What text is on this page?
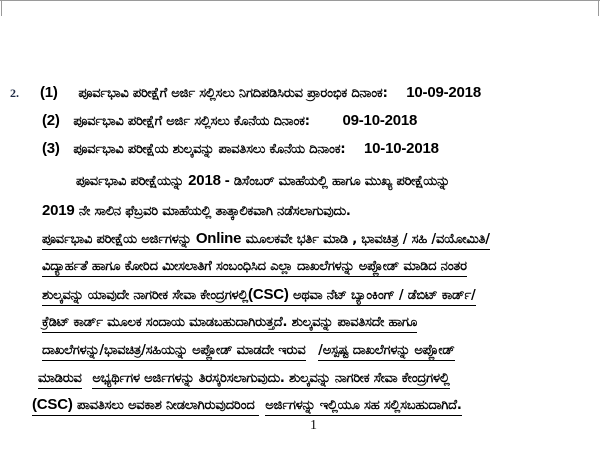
2. (1) ಪೂರ್ವಭಾವಿ ಪರೀಕ್ಷೆಗೆ ಅರ್ಜಿ ಸಲ್ಲಿಸಲು ನಿಗದಿಪಡಿಸಿರುವ ಪ್ರಾರಂಭಿಕ ದಿನಾಂಕ: 10-09-2018
(2) ಪೂರ್ವಭಾವಿ ಪರೀಕ್ಷೆಗೆ ಅರ್ಜಿ ಸಲ್ಲಿಸಲು ಕೊನೆಯ ದಿನಾಂಕ: 09-10-2018
(3) ಪೂರ್ವಭಾವಿ ಪರೀಕ್ಷೆಯ ಶುಲ್ಕವನ್ನು ಪಾವತಿಸಲು ಕೊನೆಯ ದಿನಾಂಕ: 10-10-2018
ಪೂರ್ವಭಾವಿ ಪರೀಕ್ಷೆಯನ್ನು 2018 - ಡಿಸೆಂಬರ್ ಮಾಹೆಯಲ್ಲಿ ಹಾಗೂ ಮುಖ್ಯ ಪರೀಕ್ಷೆಯನ್ನು
2019 ನೇ ಸಾಲಿನ ಫೆಬ್ರವರಿ ಮಾಹೆಯಲ್ಲಿ ತಾತ್ಕಾಲಿಕವಾಗಿ ನಡೆಸಲಾಗುವುದು.
ಪೂರ್ವಭಾವಿ ಪರೀಕ್ಷೆಯ ಅರ್ಜಿಗಳನ್ನು Online ಮೂಲಕವೇ ಭರ್ತಿ ಮಾಡಿ , ಭಾವಚಿತ್ರ / ಸಹಿ /ವಯೋಮಿತಿ/
ವಿದ್ಯಾರ್ಹತೆ ಹಾಗೂ ಕೋರಿದ ಮೀಸಲಾತಿಗೆ ಸಂಬಂಧಿಸಿದ ಎಲ್ಲಾ ದಾಖಲೆಗಳನ್ನು ಅಪ್ಲೋಡ್ ಮಾಡಿದ ನಂತರ
ಶುಲ್ಕವನ್ನು ಯಾವುದೇ ನಾಗರೀಕ ಸೇವಾ ಕೇಂದ್ರಗಳಲ್ಲಿ(CSC) ಅಥವಾ ನೆಟ್ ಬ್ಯಾಂಕಿಂಗ್ / ಡೆಬಿಟ್ ಕಾರ್ಡ್/
ಕ್ರೆಡಿಟ್ ಕಾರ್ಡ್ ಮೂಲಕ ಸಂದಾಯ ಮಾಡಬಹುದಾಗಿರುತ್ತದೆ. ಶುಲ್ಕವನ್ನು ಪಾವತಿಸದೇ ಹಾಗೂ
ದಾಖಲೆಗಳನ್ನು/ಭಾವಚಿತ್ರ/ಸಹಿಯನ್ನು ಅಪ್ಲೋಡ್ ಮಾಡದೇ ಇರುವ /ಅಸ್ಪಷ್ಟ ದಾಖಲೆಗಳನ್ನು ಅಪ್ಲೋಡ್
ಮಾಡಿರುವ ಅಭ್ಯರ್ಥಿಗಳ ಅರ್ಜಿಗಳನ್ನು ತಿರಸ್ಕರಿಸಲಾಗುವುದು. ಶುಲ್ಕವನ್ನು ನಾಗರೀಕ ಸೇವಾ ಕೇಂದ್ರಗಳಲ್ಲಿ
(CSC) ಪಾವತಿಸಲು ಅವಕಾಶ ನೀಡಲಾಗಿರುವುದರಿಂದ ಅರ್ಜಿಗಳನ್ನು ಇಲ್ಲಿಯೂ ಸಹ ಸಲ್ಲಿಸಬಹುದಾಗಿದೆ.
1
